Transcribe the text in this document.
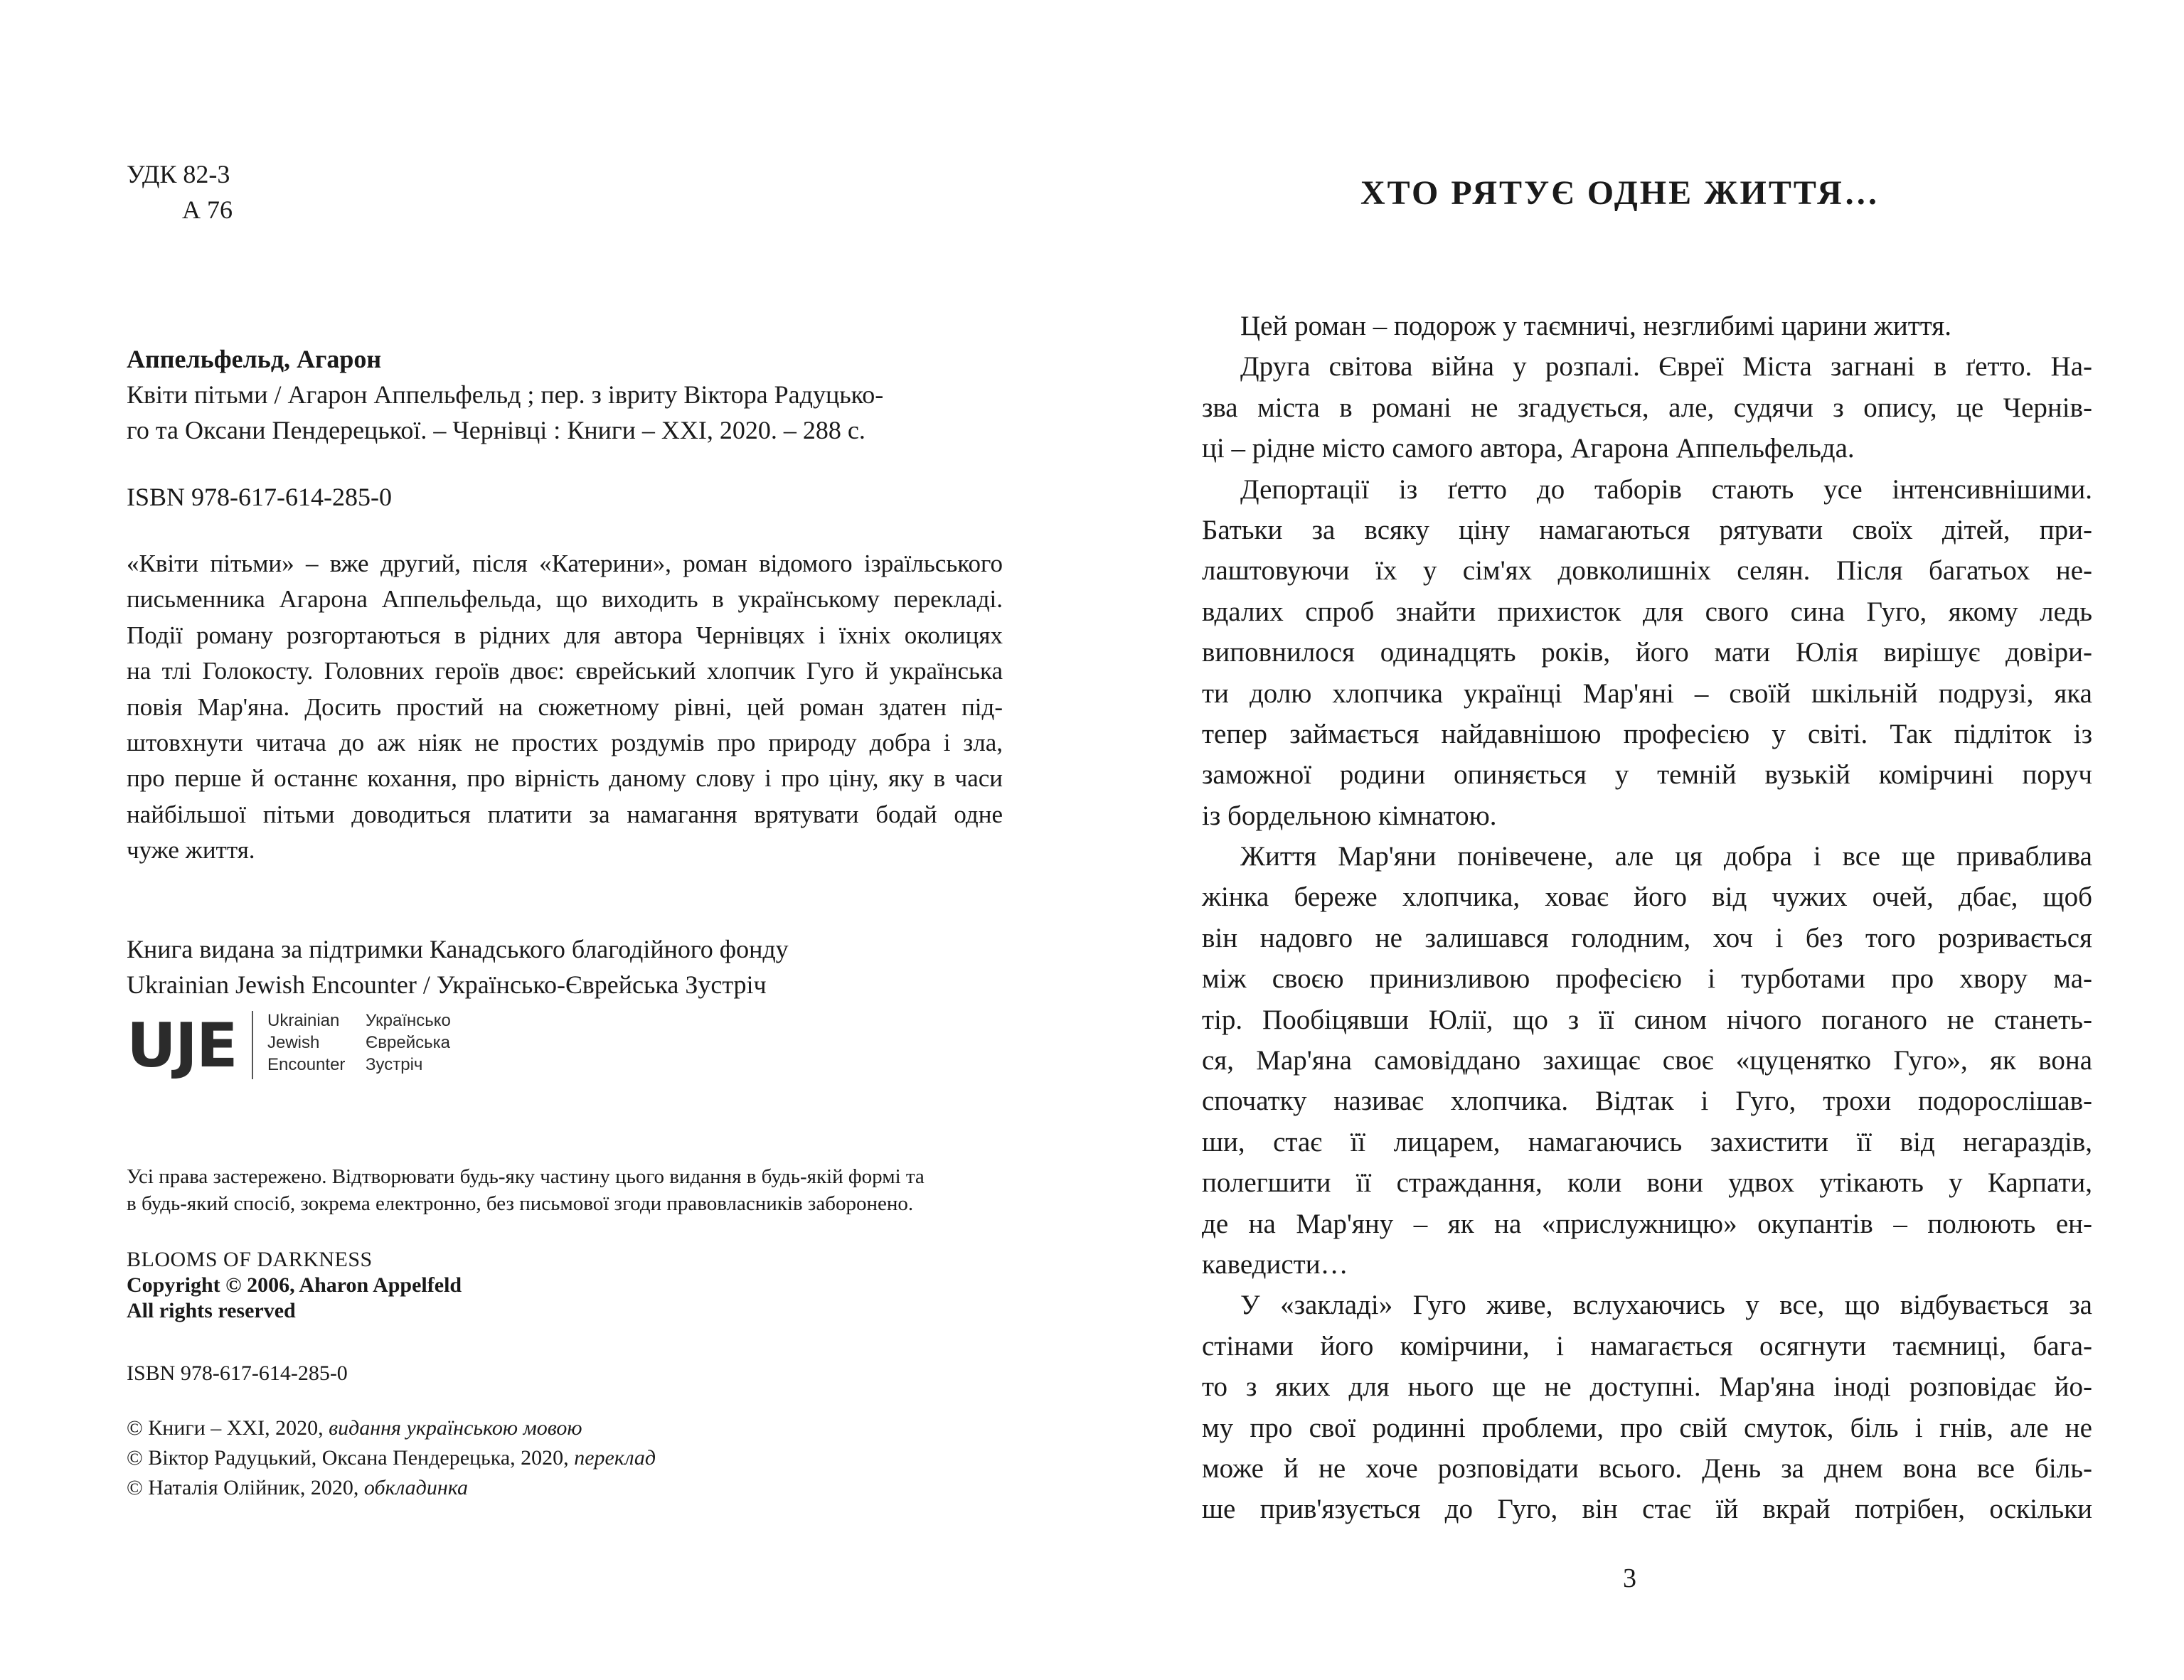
УДК 82-3
А 76
Аппельфельд, Агарон
Квіти пітьми / Агарон Аппельфельд ; пер. з івриту Віктора Радуцько-
го та Оксани Пендерецької. – Чернівці : Книги – ХХІ, 2020. – 288 с.
ISBN 978-617-614-285-0
«Квіти пітьми» – вже другий, після «Катерини», роман відомого ізраїльського
письменника Агарона Аппельфельда, що виходить в українському перекладі.
Події роману розгортаються в рідних для автора Чернівцях і їхніх околицях
на тлі Голокосту. Головних героїв двоє: єврейський хлопчик Гуго й українська
повія Мар'яна. Досить простий на сюжетному рівні, цей роман здатен під-
штовхнути читача до аж ніяк не простих роздумів про природу добра і зла,
про перше й останнє кохання, про вірність даному слову і про ціну, яку в часи
найбільшої пітьми доводиться платити за намагання врятувати бодай одне
чуже життя.
Книга видана за підтримки Канадського благодійного фонду
Ukrainian Jewish Encounter / Українсько-Єврейська Зустріч
UJE Ukrainian
Jewish
Encounter
Українсько
Єврейська
Зустріч
Усі права застережено. Відтворювати будь-яку частину цього видання в будь-якій формі та
в будь-який спосіб, зокрема електронно, без письмової згоди правовласників заборонено.
BLOOMS OF DARKNESS
Copyright © 2006, Aharon Appelfeld
All rights reserved
ISBN 978-617-614-285-0
© Книги – ХХІ, 2020, видання українською мовою
© Віктор Радуцький, Оксана Пендерецька, 2020, переклад
© Наталія Олійник, 2020, обкладинка
ХТО РЯТУЄ ОДНЕ ЖИТТЯ…
Цей роман – подорож у таємничі, незглибимі царини життя.
Друга світова війна у розпалі. Євреї Міста загнані в ґетто. На-
зва міста в романі не згадується, але, судячи з опису, це Чернів-
ці – рідне місто самого автора, Агарона Аппельфельда.
Депортації із ґетто до таборів стають усе інтенсивнішими.
Батьки за всяку ціну намагаються рятувати своїх дітей, при-
лаштовуючи їх у сім'ях довколишніх селян. Після багатьох не-
вдалих спроб знайти прихисток для свого сина Гуго, якому ледь
виповнилося одинадцять років, його мати Юлія вирішує довіри-
ти долю хлопчика українці Мар'яні – своїй шкільній подрузі, яка
тепер займається найдавнішою професією у світі. Так підліток із
заможної родини опиняється у темній вузькій комірчині поруч
із бордельною кімнатою.
Життя Мар'яни понівечене, але ця добра і все ще приваблива
жінка береже хлопчика, ховає його від чужих очей, дбає, щоб
він надовго не залишався голодним, хоч і без того розривається
між своєю принизливою професією і турботами про хвору ма-
тір. Пообіцявши Юлії, що з її сином нічого поганого не станеть-
ся, Мар'яна самовіддано захищає своє «цуценятко Гуго», як вона
спочатку називає хлопчика. Відтак і Гуго, трохи подорослішав-
ши, стає її лицарем, намагаючись захистити її від негараздів,
полегшити її страждання, коли вони удвох утікають у Карпати,
де на Мар'яну – як на «прислужницю» окупантів – полюють ен-
каведисти…
У «закладі» Гуго живе, вслухаючись у все, що відбувається за
стінами його комірчини, і намагається осягнути таємниці, бага-
то з яких для нього ще не доступні. Мар'яна іноді розповідає йо-
му про свої родинні проблеми, про свій смуток, біль і гнів, але не
може й не хоче розповідати всього. День за днем вона все біль-
ше прив'язується до Гуго, він стає їй вкрай потрібен, оскільки
3
